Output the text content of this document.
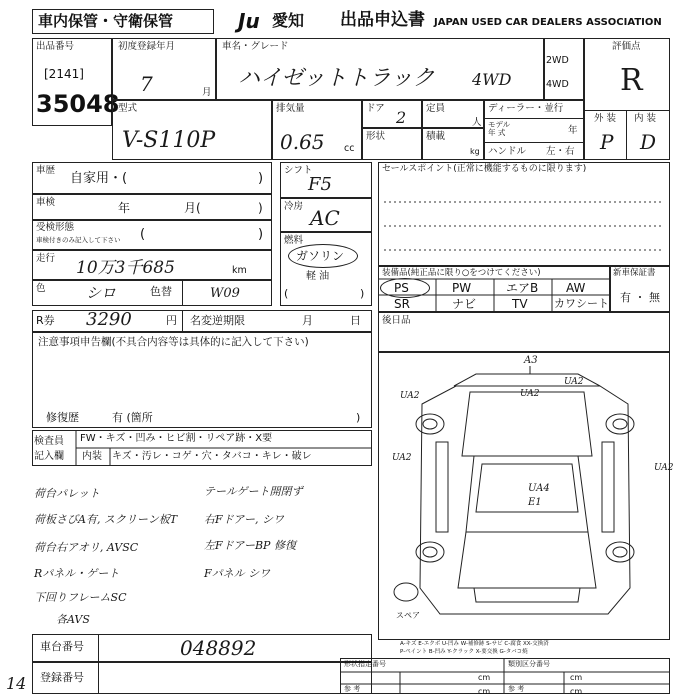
車内保管・守衛保管	Ju 愛知 出品申込書 JAPAN USED CAR DEALERS ASSOCIATION
出品番号
[2141]
35048
初度登録年月
7	月
車名・グレード
ハイゼットトラック 4WD
2WD
4WD
評価点
R
外 装 内 装
P D
型式
V-S110P
排気量
0.65 cc
ドア 2 定員
人
形状	積載
kg
ディーラー・並行
モデル
年 式	年
ハンドル 左・右
車歴
自家用・(	)
車検	年	月(	)
受検形態
車検付きのみ記入して下さい (	)
走行 10万3千685	km
色	シロ	色替	W09
シフト
F5
冷房 AC
燃料
ガソリン
軽 油
(	)
セールスポイント(正常に機能するものに限ります)
装備品(純正品に限り○をつけてください)
PS	PW	エアB AW
SR	ナビ	TV カワシート
新車保証書
有 ・ 無
R券 3290	円 名変逆期限	月	日 後日品
注意事項申告欄(不具合内容等は具体的に記入して下さい)
修復歴	有 (箇所	)
検査員
記入欄
FW・キズ・凹み・ヒビ割・リペア跡・X要
内装 キズ・汚レ・コゲ・穴・タバコ・キレ・破レ
荷台パレット	テールゲート開閉ず
荷板さびA有, スクリーン板T 右Fドアー, シワ
荷台右アオリ, AVSC	左FドアーBP 修復
Rパネル・ゲート	Fパネル シワ
下回りフレームSC
各AVS
A3
UA2	UA2
UA2
UA2
UA2
UA4
E1
スペア
A-キズ E-エクボ U-凹み W-補修跡 S-サビ C-腐食 XX-交換済
P-ペイント B-凹み Y-クラック X-要交換 G-タバコ焼
車台番号	048892
登録番号
形状指定番号	類別区分番号
参 考	参 考
cm	cm
cm	cm
14
